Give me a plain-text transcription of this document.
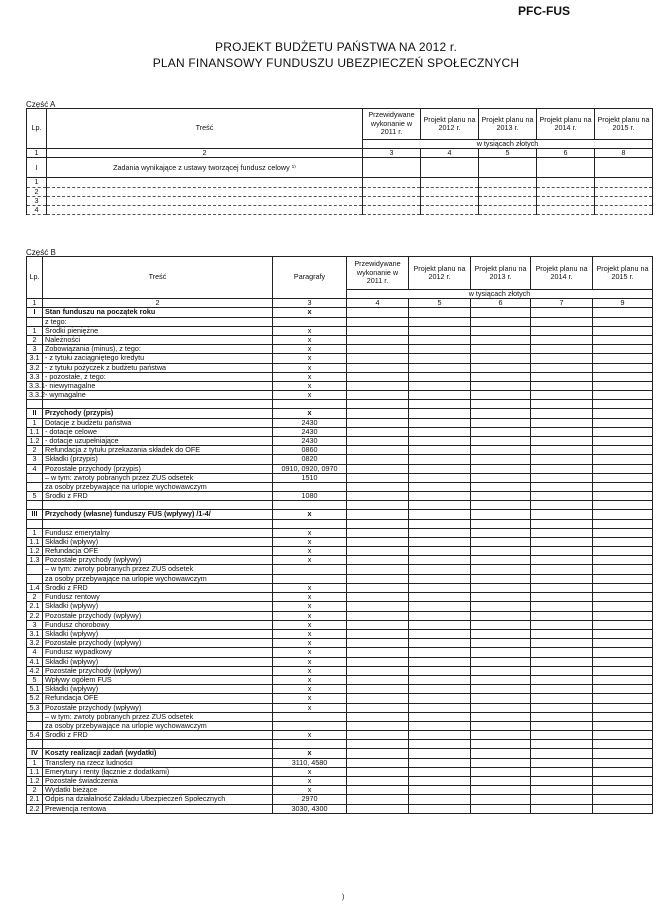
PFC-FUS
PROJEKT BUDŻETU PAŃSTWA NA 2012 r.
PLAN FINANSOWY FUNDUSZU UBEZPIECZEŃ SPOŁECZNYCH
Część A
Lp.	Treść	Przewidywane wykonanie w 2011 r.	Projekt planu na 2012 r.	Projekt planu na 2013 r.	Projekt planu na 2014 r.	Projekt planu na 2015 r.
		w tysiącach złotych				
1	2	3	4	5	6	8
I	Zadania wynikające z ustawy tworzącej fundusz celowy ¹⁾					
1						
2						
3						
4						
Część B
Lp.	Treść	Paragrafy	Przewidywane wykonanie w 2011 r.	Projekt planu na 2012 r.	Projekt planu na 2013 r.	Projekt planu na 2014 r.	Projekt planu na 2015 r.
			w tysiącach złotych				
1	2	3	4	5	6	7	9
I	Stan funduszu na początek roku	x					
	z tego:						
1	Środki pieniężne	x					
2	Należności	x					
3	Zobowiązania (minus), z tego:	x					
3.1	- z tytułu zaciągniętego kredytu	x					
3.2	- z tytułu pożyczek z budżetu państwa	x					
3.3	- pozostałe, z tego:	x					
3.3.1	- niewymagalne	x					
3.3.2	- wymagalne	x					

II	Przychody (przypis)	x					
1	Dotacje z budżetu państwa	2430					
1.1	- dotacje celowe	2430					
1.2	- dotacje uzupełniające	2430					
2	Refundacja z tytułu przekazania składek do OFE	0860					
3	Składki (przypis)	0820					
4	Pozostałe przychody (przypis)	0910, 0920, 0970					
	– w tym: zwroty pobranych przez ZUS odsetek	1510					
	za osoby przebywające na urlopie wychowawczym						
5	Środki z FRD	1080					

III	Przychody (własne) funduszy FUS (wpływy) /1-4/	x					

1	Fundusz emerytalny	x					
1.1	Składki (wpływy)	x					
1.2	Refundacja OFE	x					
1.3	Pozostałe przychody (wpływy)	x					
	– w tym: zwroty pobranych przez ZUS odsetek						
	za osoby przebywające na urlopie wychowawczym						
1.4	Środki z FRD	x					
2	Fundusz rentowy	x					
2.1	Składki (wpływy)	x					
2.2	Pozostałe przychody (wpływy)	x					
3	Fundusz chorobowy	x					
3.1	Składki (wpływy)	x					
3.2	Pozostałe przychody (wpływy)	x					
4	Fundusz wypadkowy	x					
4.1	Składki (wpływy)	x					
4.2	Pozostałe przychody (wpływy)	x					
5	Wpływy ogółem FUS	x					
5.1	Składki (wpływy)	x					
5.2	Refundacja OFE	x					
5.3	Pozostałe przychody (wpływy)	x					
	– w tym: zwroty pobranych przez ZUS odsetek						
	za osoby przebywające na urlopie wychowawczym						
5.4	Środki z FRD	x					

IV	Koszty realizacji zadań (wydatki)	x					
1	Transfery na rzecz ludności	3110, 4580					
1.1	Emerytury i renty (łącznie z dodatkami)	x					
1.2	Pozostałe świadczenia	x					
2	Wydatki bieżące	x					
2.1	Odpis na działalność Zakładu Ubezpieczeń Społecznych	2970					
2.2	Prewencja rentowa	3030, 4300					
)
